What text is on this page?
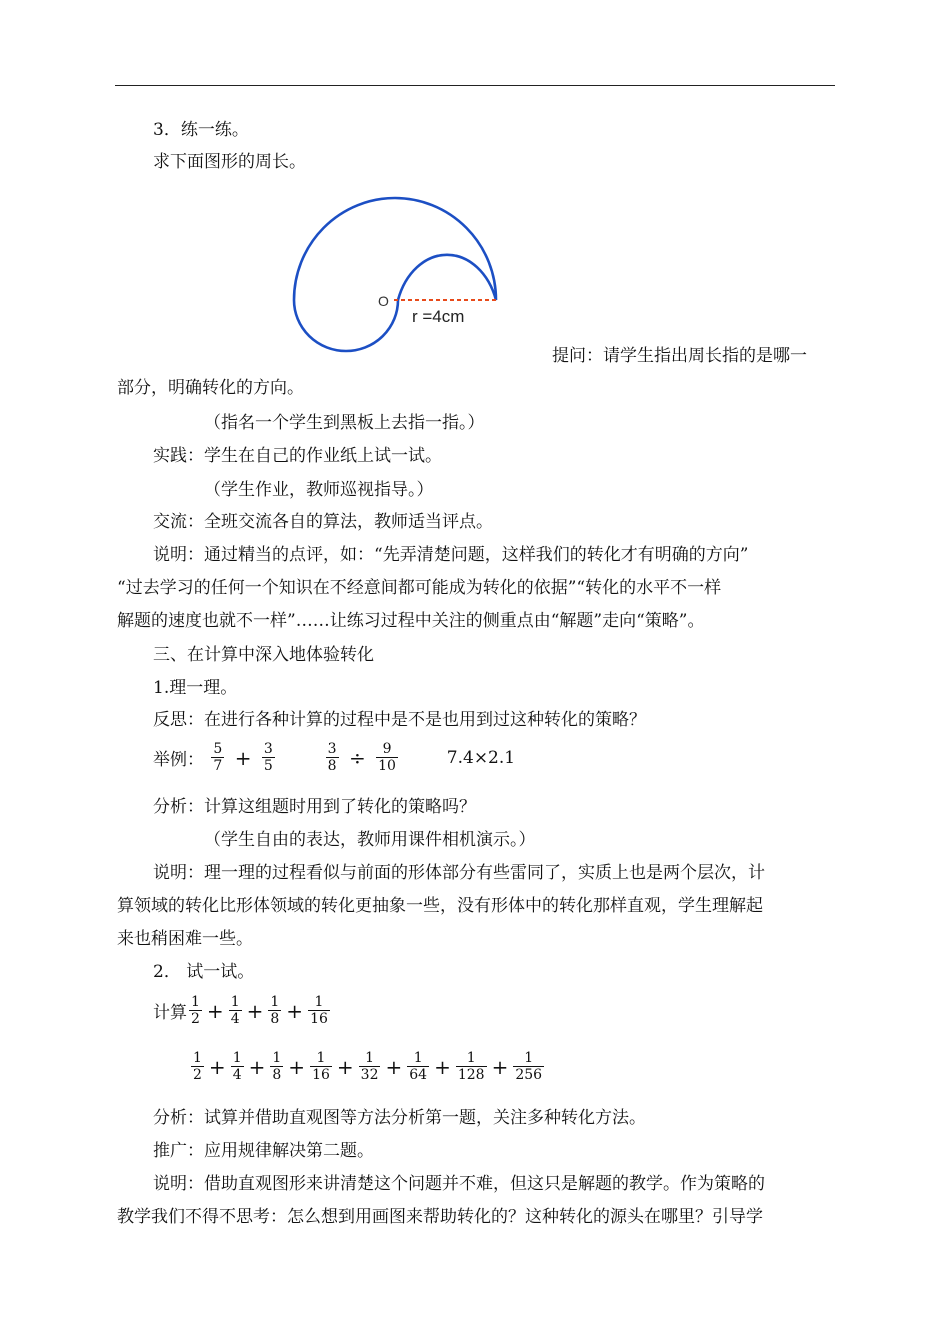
3．练一练。
求下面图形的周长。
O
r =4cm
提问：请学生指出周长指的是哪一
部分，明确转化的方向。
（指名一个学生到黑板上去指一指。）
实践：学生在自己的作业纸上试一试。
（学生作业，教师巡视指导。）
交流：全班交流各自的算法，教师适当评点。
说明：通过精当的点评，如：“先弄清楚问题，这样我们的转化才有明确的方向”
“过去学习的任何一个知识在不经意间都可能成为转化的依据”“转化的水平不一样
解题的速度也就不一样”……让练习过程中关注的侧重点由“解题”走向“策略”。
三、在计算中深入地体验转化
1.理一理。
反思：在进行各种计算的过程中是不是也用到过这种转化的策略？
举例： $\frac{5}{7} + \frac{3}{5}$
	$\frac{3}{8} \div \frac{9}{10}$	7.4×2.1
分析：计算这组题时用到了转化的策略吗？
（学生自由的表达，教师用课件相机演示。）
说明：理一理的过程看似与前面的形体部分有些雷同了，实质上也是两个层次，计
算领域的转化比形体领域的转化更抽象一些，没有形体中的转化那样直观，学生理解起
来也稍困难一些。
2． 试一试。
计算 $\frac{1}{2} + \frac{1}{4} + \frac{1}{8} + \frac{1}{16}$
$\frac{1}{2} + \frac{1}{4} + \frac{1}{8} + \frac{1}{16} + \frac{1}{32} + \frac{1}{64} + \frac{1}{128} + \frac{1}{256}$
分析：试算并借助直观图等方法分析第一题，关注多种转化方法。
推广：应用规律解决第二题。
说明：借助直观图形来讲清楚这个问题并不难，但这只是解题的教学。作为策略的
教学我们不得不思考：怎么想到用画图来帮助转化的？这种转化的源头在哪里？引导学
